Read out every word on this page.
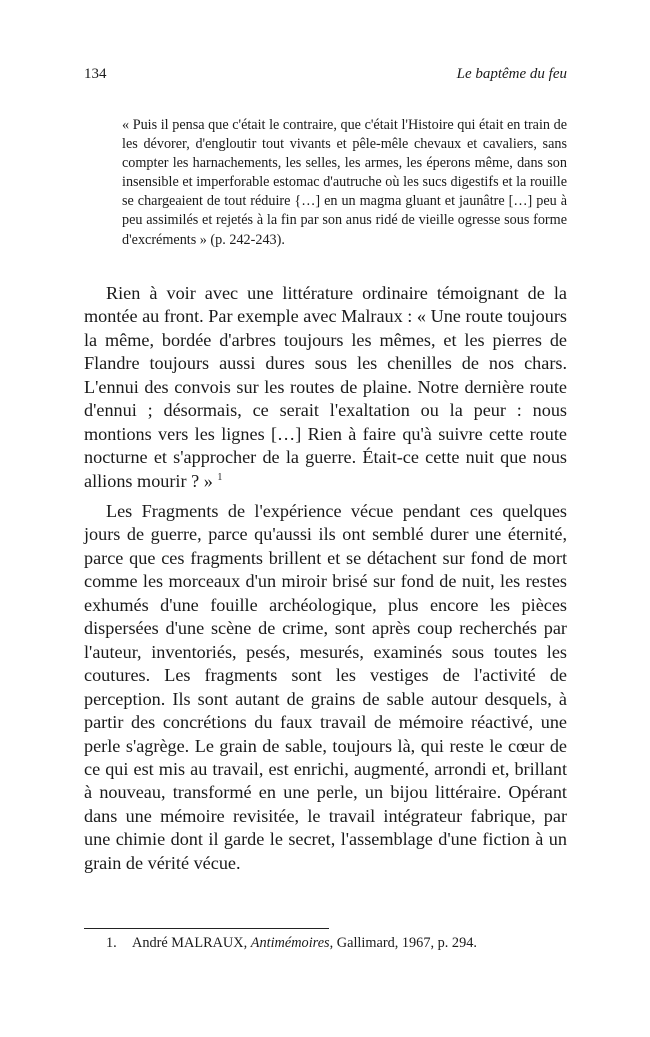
134	Le baptême du feu
« Puis il pensa que c'était le contraire, que c'était l'Histoire qui était en train de les dévorer, d'engloutir tout vivants et pêle-mêle chevaux et cavaliers, sans compter les harnachements, les selles, les armes, les éperons même, dans son insensible et imperforable estomac d'autruche où les sucs digestifs et la rouille se chargeaient de tout réduire {…] en un magma gluant et jaunâtre […] peu à peu assimilés et rejetés à la fin par son anus ridé de vieille ogresse sous forme d'excréments » (p. 242-243).
Rien à voir avec une littérature ordinaire témoignant de la montée au front. Par exemple avec Malraux : « Une route toujours la même, bordée d'arbres toujours les mêmes, et les pierres de Flandre toujours aussi dures sous les chenilles de nos chars. L'ennui des convois sur les routes de plaine. Notre dernière route d'ennui ; désormais, ce serait l'exaltation ou la peur : nous montions vers les lignes […] Rien à faire qu'à suivre cette route nocturne et s'approcher de la guerre. Était-ce cette nuit que nous allions mourir ? » $^1$
Les Fragments de l'expérience vécue pendant ces quelques jours de guerre, parce qu'aussi ils ont semblé durer une éternité, parce que ces fragments brillent et se détachent sur fond de mort comme les morceaux d'un miroir brisé sur fond de nuit, les restes exhumés d'une fouille archéologique, plus encore les pièces dispersées d'une scène de crime, sont après coup recherchés par l'auteur, inventoriés, pesés, mesurés, examinés sous toutes les coutures. Les fragments sont les vestiges de l'activité de perception. Ils sont autant de grains de sable autour desquels, à partir des concrétions du faux travail de mémoire réactivé, une perle s'agrège. Le grain de sable, toujours là, qui reste le cœur de ce qui est mis au travail, est enrichi, augmenté, arrondi et, brillant à nouveau, transformé en une perle, un bijou littéraire. Opérant dans une mémoire revisitée, le travail intégrateur fabrique, par une chimie dont il garde le secret, l'assemblage d'une fiction à un grain de vérité vécue.
1. André MALRAUX, Antimémoires, Gallimard, 1967, p. 294.
